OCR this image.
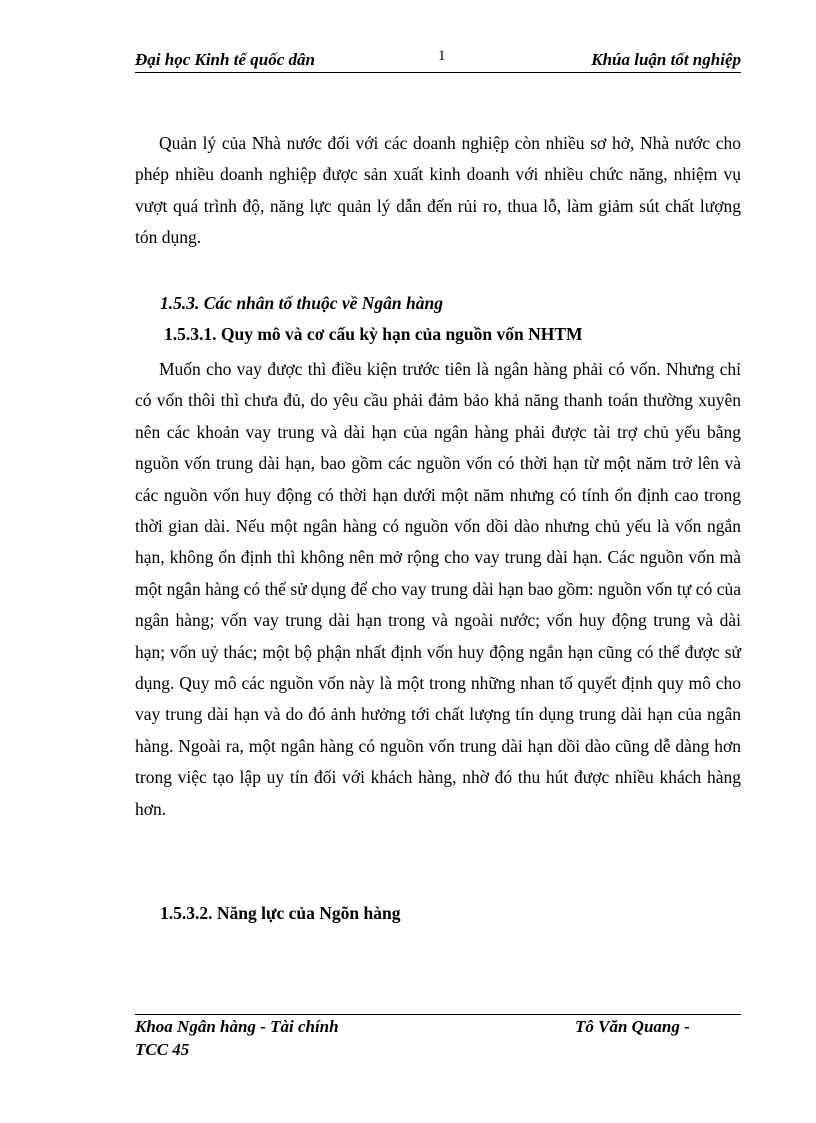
Đại học Kinh tế quốc dân	1	Khúa luận tốt nghiệp

Quản lý của Nhà nước đối với các doanh nghiệp còn nhiều sơ hở, Nhà nước cho phép nhiều doanh nghiệp được sản xuất kinh doanh với nhiều chức năng, nhiệm vụ vượt quá trình độ, năng lực quản lý dẫn đến rủi ro, thua lỗ, làm giảm sút chất lượng tón dụng.

1.5.3. Các nhân tố thuộc về Ngân hàng
1.5.3.1. Quy mô và cơ cấu kỳ hạn của nguồn vốn NHTM

Muốn cho vay được thì điều kiện trước tiên là ngân hàng phải có vốn. Nhưng chỉ có vốn thôi thì chưa đủ, do yêu cầu phải đảm bảo khả năng thanh toán thường xuyên nên các khoản vay trung và dài hạn của ngân hàng phải được tài trợ chủ yếu bằng nguồn vốn trung dài hạn, bao gồm các nguồn vốn có thời hạn từ một năm trở lên và các nguồn vốn huy động có thời hạn dưới một năm nhưng có tính ổn định cao trong thời gian dài. Nếu một ngân hàng có nguồn vốn dồi dào nhưng chủ yếu là vốn ngắn hạn, không ổn định thì không nên mở rộng cho vay trung dài hạn. Các nguồn vốn mà một ngân hàng có thể sử dụng để cho vay trung dài hạn bao gồm: nguồn vốn tự có của ngân hàng; vốn vay trung dài hạn trong và ngoài nước; vốn huy động trung và dài hạn; vốn uỷ thác; một bộ phận nhất định vốn huy động ngắn hạn cũng có thể được sử dụng. Quy mô các nguồn vốn này là một trong những nhan tố quyết định quy mô cho vay trung dài hạn và do đó ảnh hưởng tới chất lượng tín dụng trung dài hạn của ngân hàng. Ngoài ra, một ngân hàng có nguồn vốn trung dài hạn dồi dào cũng dễ dàng hơn trong việc tạo lập uy tín đối với khách hàng, nhờ đó thu hút được nhiều khách hàng hơn.

1.5.3.2. Năng lực của Ngõn hàng
Khoa Ngân hàng - Tài chính	Tô Văn Quang -
TCC 45
